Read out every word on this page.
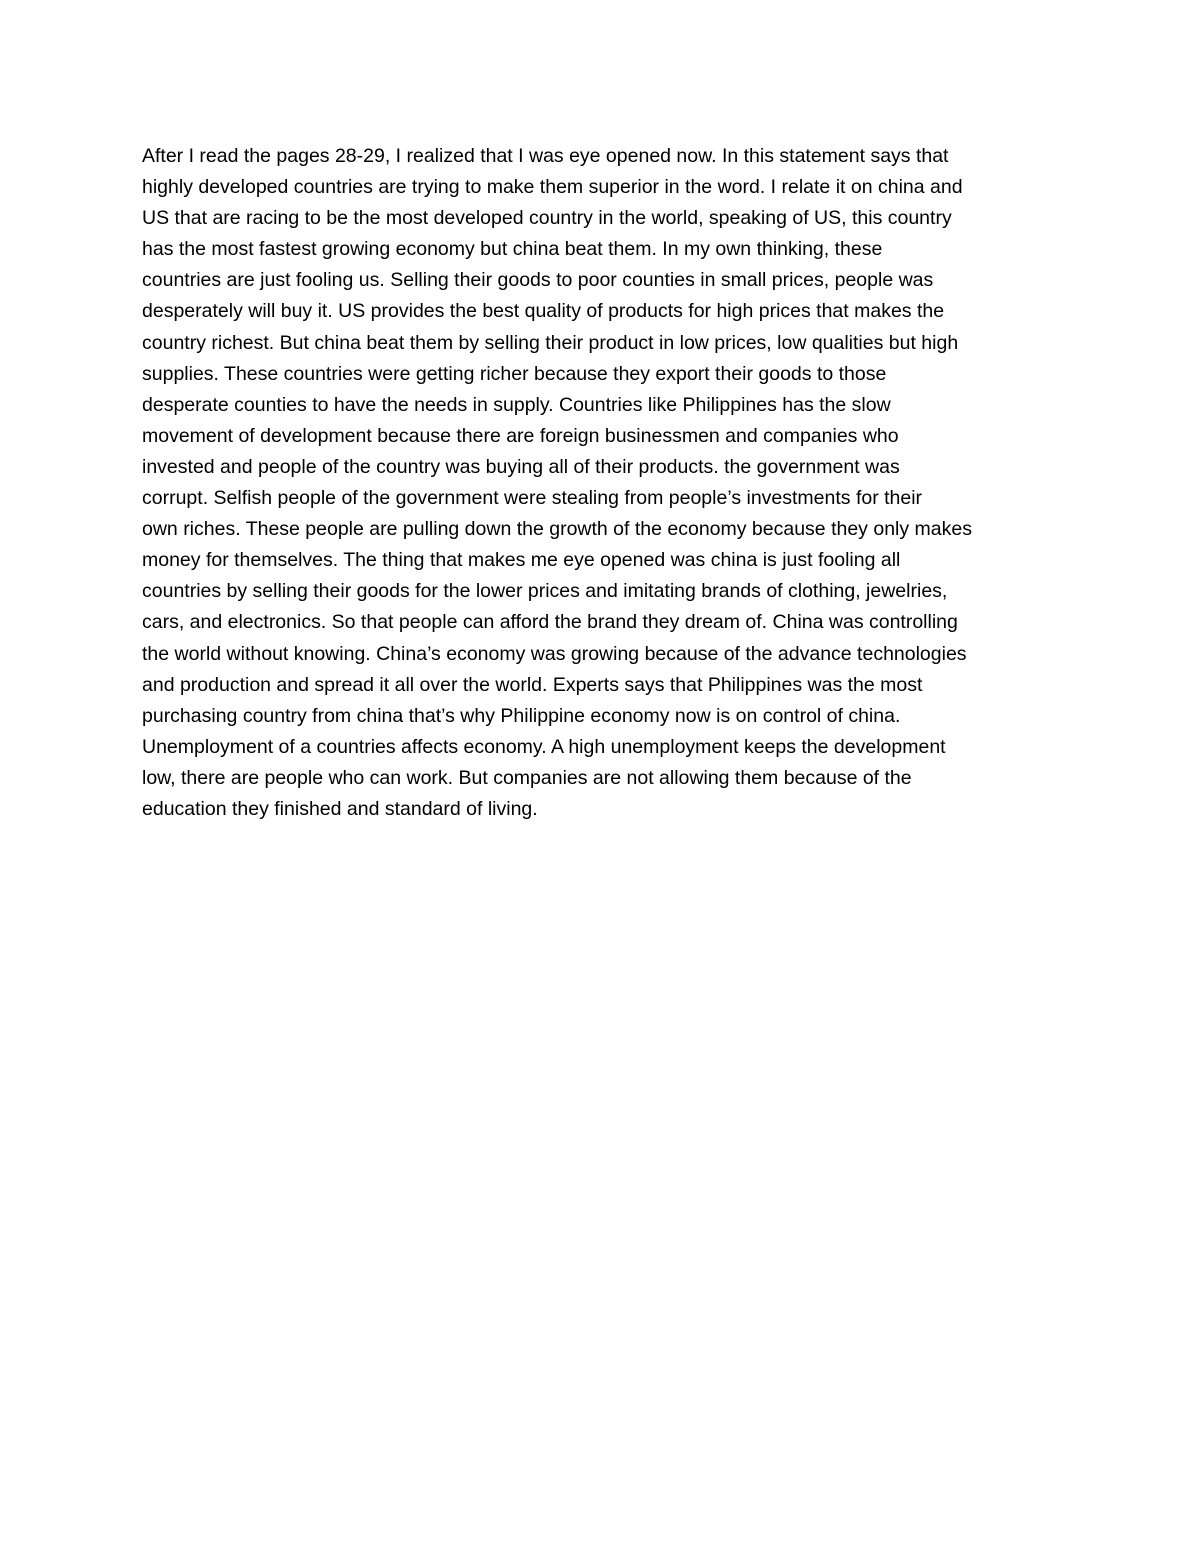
After I read the pages 28-29, I realized that I was eye opened now. In this statement says that
highly developed countries are trying to make them superior in the word. I relate it on china and
US that are racing to be the most developed country in the world, speaking of US, this country
has the most fastest growing economy but china beat them. In my own thinking, these
countries are just fooling us. Selling their goods to poor counties in small prices, people was
desperately will buy it. US provides the best quality of products for high prices that makes the
country richest. But china beat them by selling their product in low prices, low qualities but high
supplies. These countries were getting richer because they export their goods to those
desperate counties to have the needs in supply. Countries like Philippines has the slow
movement of development because there are foreign businessmen and companies who
invested and people of the country was buying all of their products. the government was
corrupt. Selfish people of the government were stealing from people’s investments for their
own riches. These people are pulling down the growth of the economy because they only makes
money for themselves. The thing that makes me eye opened was china is just fooling all
countries by selling their goods for the lower prices and imitating brands of clothing, jewelries,
cars, and electronics. So that people can afford the brand they dream of. China was controlling
the world without knowing. China’s economy was growing because of the advance technologies
and production and spread it all over the world. Experts says that Philippines was the most
purchasing country from china that’s why Philippine economy now is on control of china.
Unemployment of a countries affects economy. A high unemployment keeps the development
low, there are people who can work. But companies are not allowing them because of the
education they finished and standard of living.
